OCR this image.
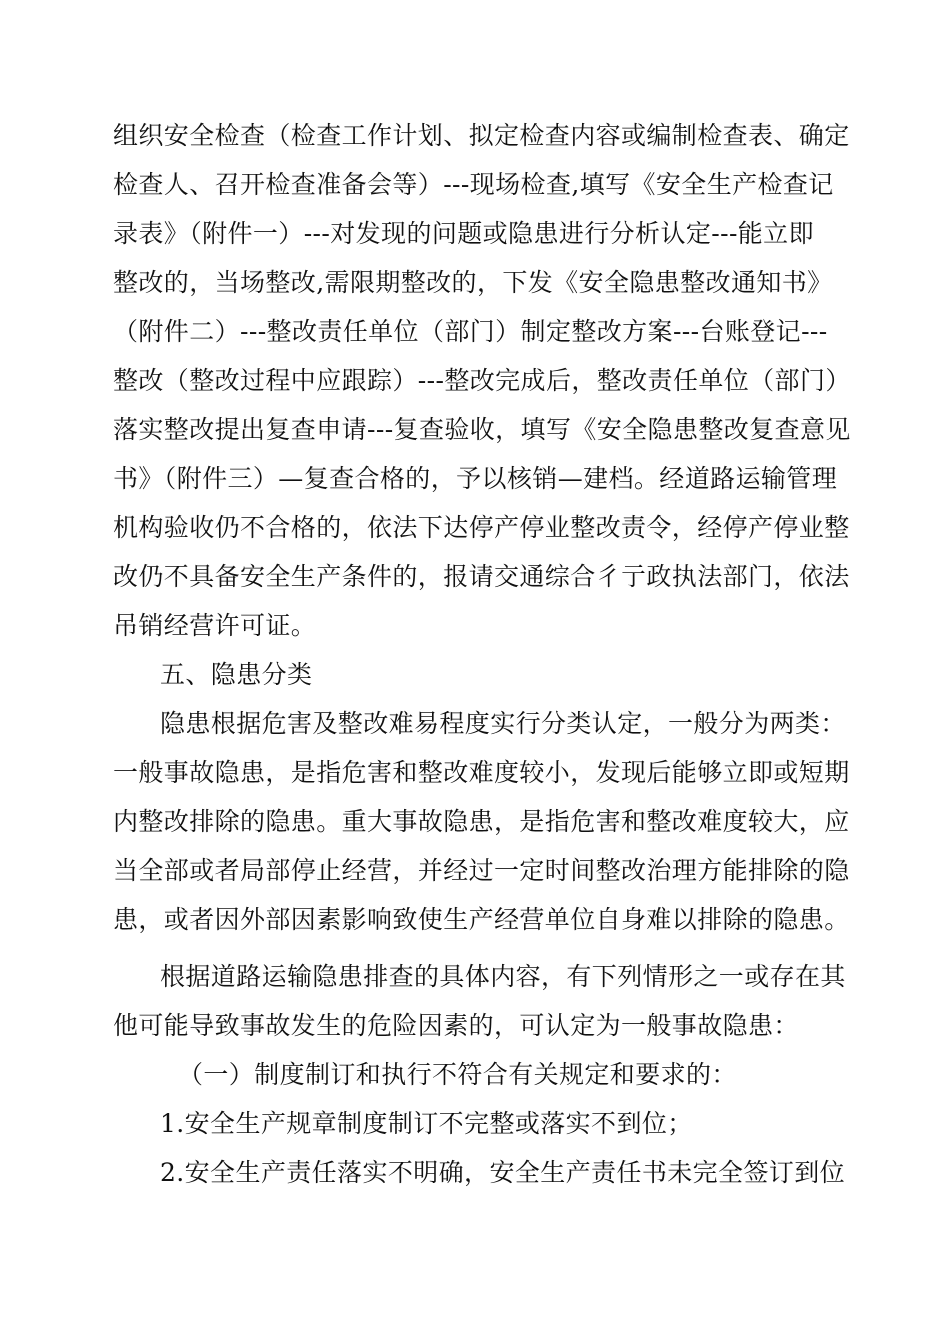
组织安全检查（检查工作计划、拟定检查内容或编制检查表、确定
检查人、召开检查准备会等）---现场检查,填写《安全生产检查记
录表》（附件一）---对发现的问题或隐患进行分析认定---能立即
整改的，当场整改,需限期整改的，下发《安全隐患整改通知书》
（附件二）---整改责任单位（部门）制定整改方案---台账登记---
整改（整改过程中应跟踪）---整改完成后，整改责任单位（部门）
落实整改提出复查申请---复查验收，填写《安全隐患整改复查意见
书》（附件三）—复查合格的，予以核销—建档。经道路运输管理
机构验收仍不合格的，依法下达停产停业整改责令，经停产停业整
改仍不具备安全生产条件的，报请交通综合彳亍政执法部门，依法
吊销经营许可证。
五、隐患分类
隐患根据危害及整改难易程度实行分类认定，一般分为两类：
一般事故隐患，是指危害和整改难度较小，发现后能够立即或短期
内整改排除的隐患。重大事故隐患，是指危害和整改难度较大，应
当全部或者局部停止经营，并经过一定时间整改治理方能排除的隐
患，或者因外部因素影响致使生产经营单位自身难以排除的隐患。
根据道路运输隐患排查的具体内容，有下列情形之一或存在其
他可能导致事故发生的危险因素的，可认定为一般事故隐患：
（一）制度制订和执行不符合有关规定和要求的：
1.安全生产规章制度制订不完整或落实不到位；
2.安全生产责任落实不明确，安全生产责任书未完全签订到位
